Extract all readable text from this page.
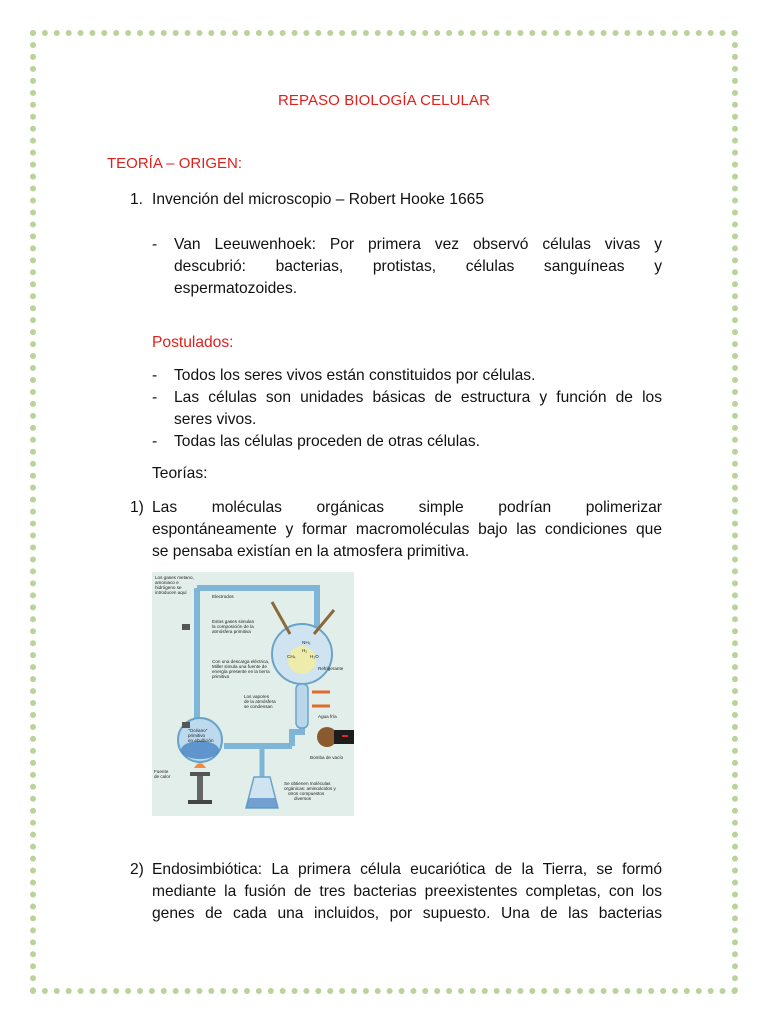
REPASO BIOLOGÍA CELULAR
TEORÍA – ORIGEN:
1. Invención del microscopio – Robert Hooke 1665
- Van Leeuwenhoek: Por primera vez observó células vivas y
descubrió: bacterias, protistas, células sanguíneas y
espermatozoides.
Postulados:
- Todos los seres vivos están constituidos por células.
- Las células son unidades básicas de estructura y función de los
seres vivos.
- Todas las células proceden de otras células.
Teorías:
1) Las moléculas orgánicas simple podrían polimerizar
espontáneamente y formar macromoléculas bajo las condiciones que
se pensaba existían en la atmosfera primitiva.
Los gases metano,
amoniaco e
hidrógeno se
introducen aquí
Electrodos
Estos gases simulan
la composición de la
atmósfera primitiva
Con una descarga eléctrica,
Miller simula una fuente de
energía presente en la tierra
primitiva
Refrigerante
Los vapores
de la atmósfera
se condensan
Agua fría
"Océano"
primitivo
en ebullición
Bomba de vacío
Fuente
de calor
Se obtienen moléculas
orgánicas: aminoácidos y
otros compuestos
diversos
NH₃
H₂
CH₄	H₂O
2) Endosimbiótica: La primera célula eucariótica de la Tierra, se formó
mediante la fusión de tres bacterias preexistentes completas, con los
genes de cada una incluidos, por supuesto. Una de las bacterias
